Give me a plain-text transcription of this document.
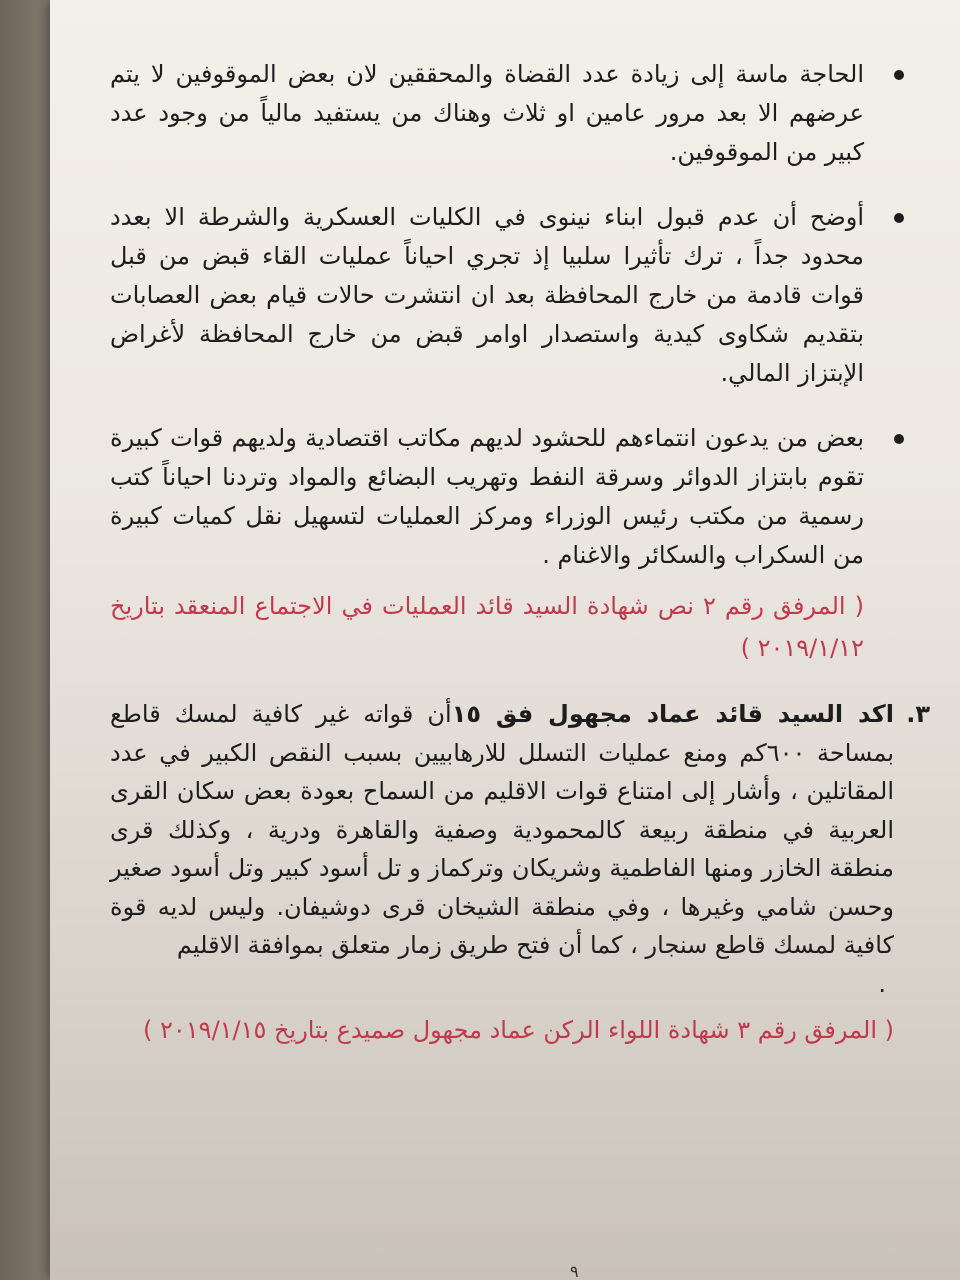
الحاجة ماسة إلى زيادة عدد القضاة والمحققين لان بعض الموقوفين لا يتم عرضهم الا بعد مرور عامين او ثلاث وهناك من يستفيد مالياً من وجود عدد كبير من الموقوفين.
أوضح أن عدم قبول ابناء نينوى في الكليات العسكرية والشرطة الا بعدد محدود جداً ، ترك تأثيرا سلبيا إذ تجري احياناً عمليات القاء قبض من قبل قوات قادمة من خارج المحافظة بعد ان انتشرت حالات قيام بعض العصابات بتقديم شكاوى كيدية واستصدار اوامر قبض من خارج المحافظة لأغراض الإبتزاز المالي.
بعض من يدعون انتماءهم للحشود لديهم مكاتب اقتصادية ولديهم قوات كبيرة تقوم بابتزاز الدوائر وسرقة النفط وتهريب البضائع والمواد وتردنا احياناً كتب رسمية من مكتب رئيس الوزراء ومركز العمليات لتسهيل نقل كميات كبيرة من السكراب والسكائر والاغنام .
( المرفق رقم ٢ نص شهادة السيد قائد العمليات في الاجتماع المنعقد بتاريخ ٢٠١٩/١/١٢ )
٣.
اكد السيد قائد عماد مجهول فق ١٥أن قواته غير كافية لمسك قاطع بمساحة ٦٠٠كم ومنع عمليات التسلل للارهابيين بسبب النقص الكبير في عدد المقاتلين ، وأشار إلى امتناع قوات الاقليم من السماح بعودة بعض سكان القرى العربية في منطقة ربيعة كالمحمودية وصفية والقاهرة ودرية ، وكذلك قرى منطقة الخازر ومنها الفاطمية وشريكان وتركماز و تل أسود كبير وتل أسود صغير وحسن شامي وغيرها ، وفي منطقة الشيخان قرى دوشيفان. وليس لديه قوة كافية لمسك قاطع سنجار ، كما أن فتح طريق زمار متعلق بموافقة الاقليم
.
( المرفق رقم ٣ شهادة اللواء الركن عماد مجهول صميدع بتاريخ ٢٠١٩/١/١٥ )
٩
